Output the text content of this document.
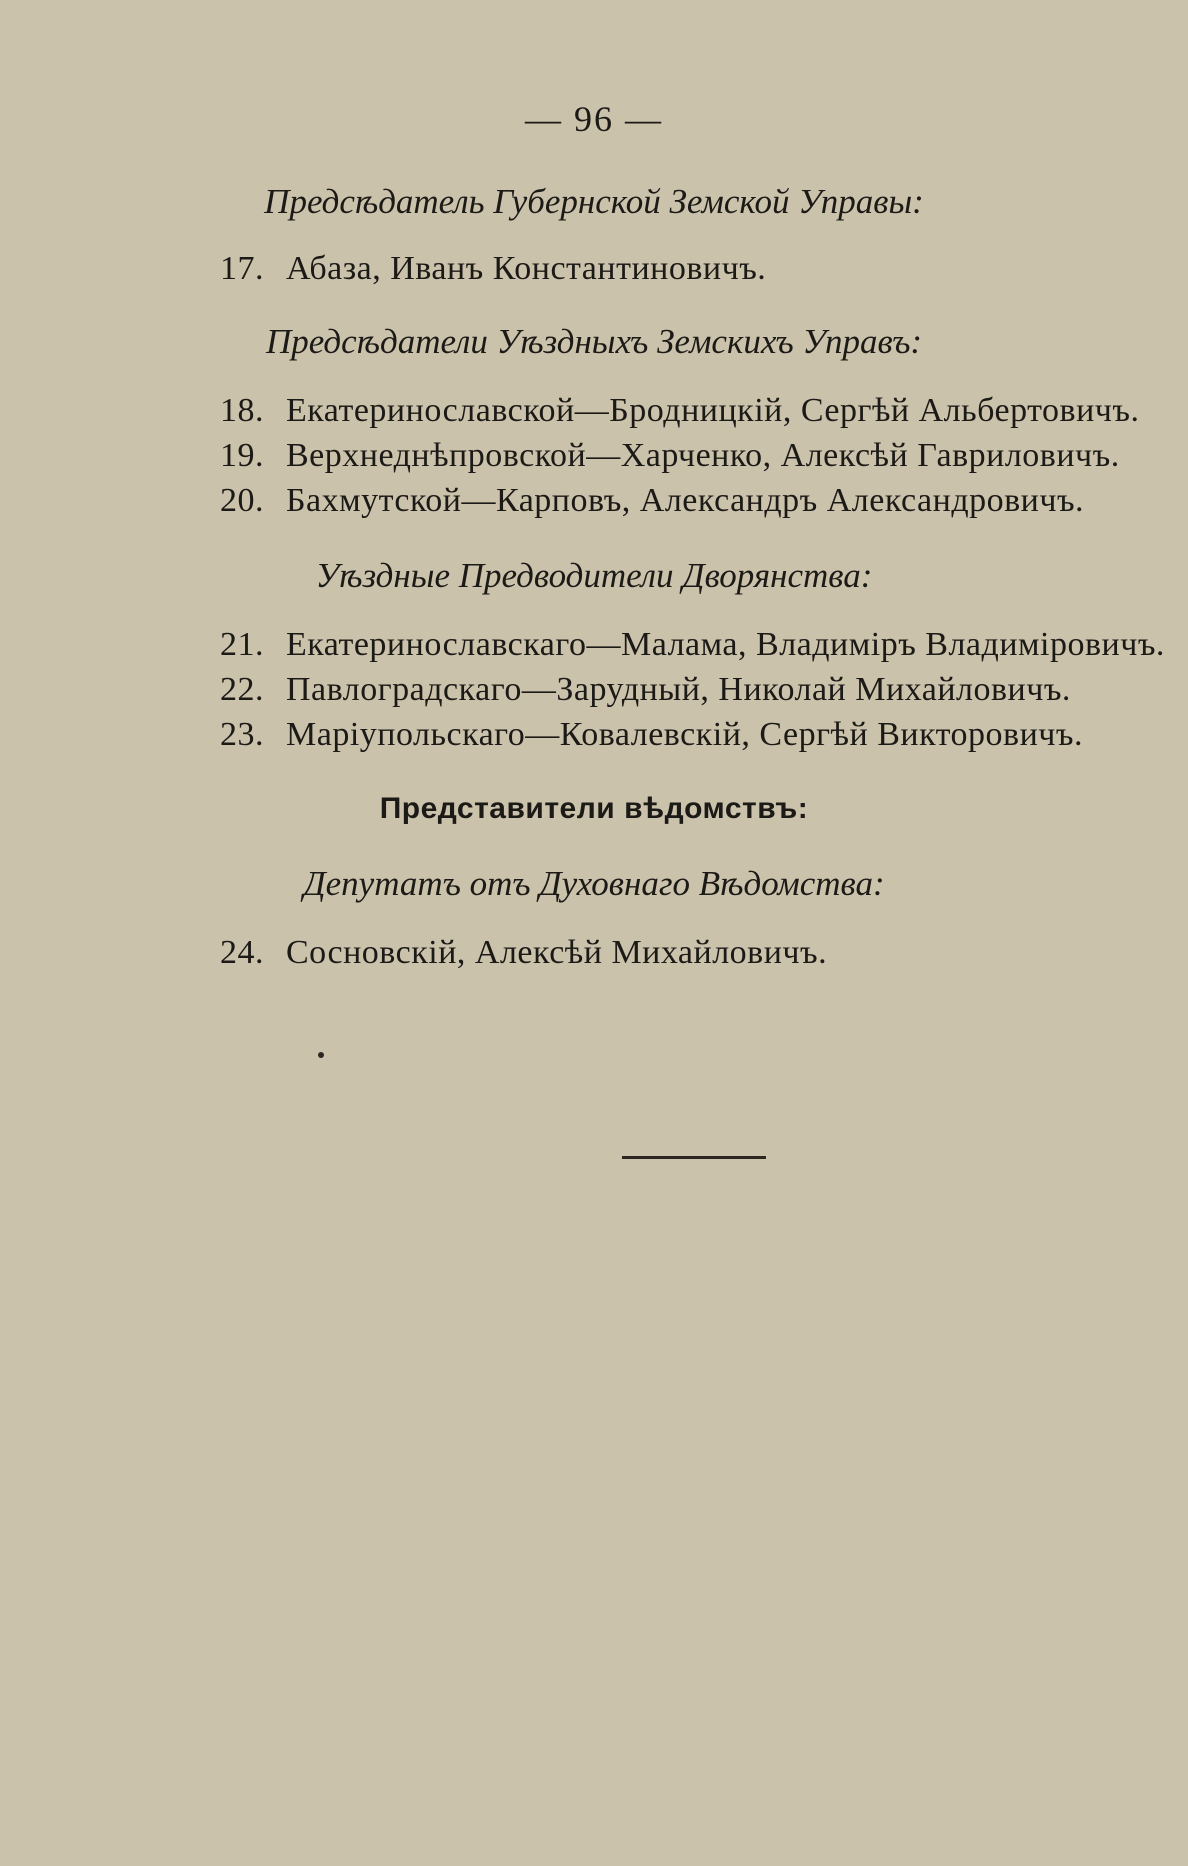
— 96 —
Предсѣдатель Губернской Земской Управы:
17. Абаза, Иванъ Константиновичъ.
Предсѣдатели Уѣздныхъ Земскихъ Управъ:
18. Екатеринославской—Бродницкій, Сергѣй Альбертовичъ.
19. Верхнеднѣпровской—Харченко, Алексѣй Гавриловичъ.
20. Бахмутской—Карповъ, Александръ Александровичъ.
Уѣздные Предводители Дворянства:
21. Екатеринославскаго—Малама, Владиміръ Владиміровичъ.
22. Павлоградскаго—Зарудный, Николай Михайловичъ.
23. Маріупольскаго—Ковалевскій, Сергѣй Викторовичъ.
Представители вѣдомствъ:
Депутатъ отъ Духовнаго Вѣдомства:
24. Сосновскій, Алексѣй Михайловичъ.
